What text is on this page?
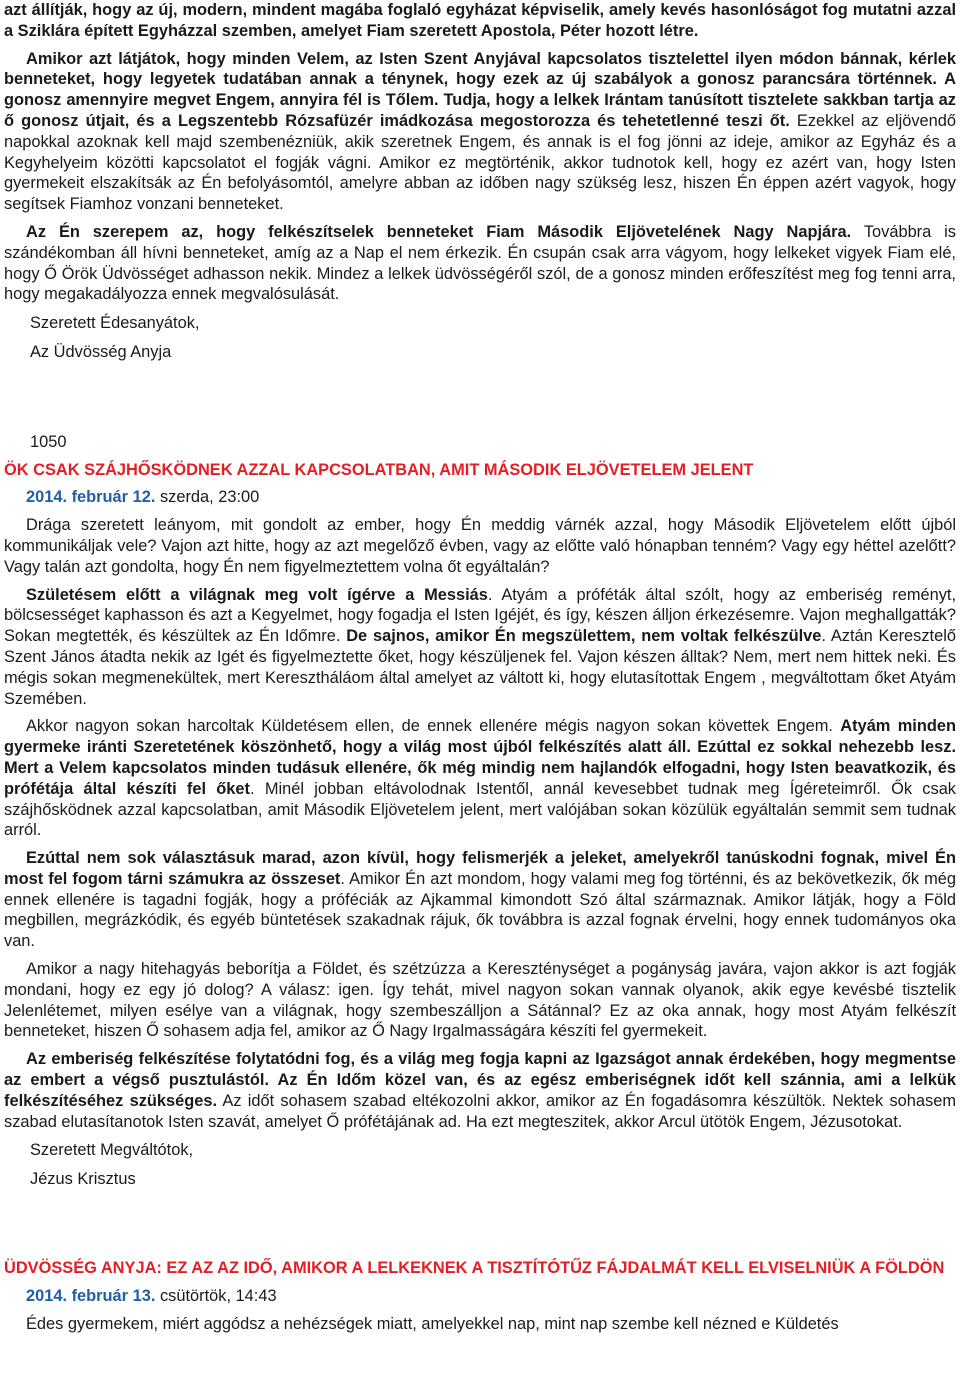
azt állítják, hogy az új, modern, mindent magába foglaló egyházat képviselik, amely kevés hasonlóságot fog mutatni azzal a Sziklára épített Egyházzal szemben, amelyet Fiam szeretett Apostola, Péter hozott létre.

Amikor azt látjátok, hogy minden Velem, az Isten Szent Anyjával kapcsolatos tisztelettel ilyen módon bánnak, kérlek benneteket, hogy legyetek tudatában annak a ténynek, hogy ezek az új szabályok a gonosz parancsára történnek. A gonosz amennyire megvet Engem, annyira fél is Tőlem. Tudja, hogy a lelkek Irántam tanúsított tisztelete sakkban tartja az ő gonosz útjait, és a Legszentebb Rózsafüzér imádkozása megostorozza és tehetetlenné teszi őt. Ezekkel az eljövendő napokkal azoknak kell majd szembenézniük, akik szeretnek Engem, és annak is el fog jönni az ideje, amikor az Egyház és a Kegyhelyeim közötti kapcsolatot el fogják vágni. Amikor ez megtörténik, akkor tudnotok kell, hogy ez azért van, hogy Isten gyermekeit elszakítsák az Én befolyásomtól, amelyre abban az időben nagy szükség lesz, hiszen Én éppen azért vagyok, hogy segítsek Fiamhoz vonzani benneteket.

Az Én szerepem az, hogy felkészítselek benneteket Fiam Második Eljövetelének Nagy Napjára. Továbbra is szándékomban áll hívni benneteket, amíg az a Nap el nem érkezik. Én csupán csak arra vágyom, hogy lelkeket vigyek Fiam elé, hogy Ő Örök Üdvösséget adhasson nekik. Mindez a lelkek üdvösségéről szól, de a gonosz minden erőfeszítést meg fog tenni arra, hogy megakadályozza ennek megvalósulását.

Szeretett Édesanyátok,

Az Üdvösség Anyja

1050

ÖK CSAK SZÁJHŐSKÖDNEK AZZAL KAPCSOLATBAN, AMIT MÁSODIK ELJÖVETELEM JELENT

2014. február 12. szerda, 23:00

Drága szeretett leányom, mit gondolt az ember, hogy Én meddig várnék azzal, hogy Második Eljövetelem előtt újból kommunikáljak vele? Vajon azt hitte, hogy az azt megelőző évben, vagy az előtte való hónapban tenném? Vagy egy héttel azelőtt? Vagy talán azt gondolta, hogy Én nem figyelmeztettem volna őt egyáltalán?

Születésem előtt a világnak meg volt ígérve a Messiás. Atyám a próféták által szólt, hogy az emberiség reményt, bölcsességet kaphasson és azt a Kegyelmet, hogy fogadja el Isten Igéjét, és így, készen álljon érkezésemre. Vajon meghallgatták? Sokan megtették, és készültek az Én Időmre. De sajnos, amikor Én megszülettem, nem voltak felkészülve. Aztán Keresztelő Szent János átadta nekik az Igét és figyelmeztette őket, hogy készüljenek fel. Vajon készen álltak? Nem, mert nem hittek neki. És mégis sokan megmenekültek, mert Keresztháláom által amelyet az váltott ki, hogy elutasítottak Engem , megváltottam őket Atyám Szemében.

Akkor nagyon sokan harcoltak Küldetésem ellen, de ennek ellenére mégis nagyon sokan követtek Engem. Atyám minden gyermeke iránti Szeretetének köszönhető, hogy a világ most újból felkészítés alatt áll. Ezúttal ez sokkal nehezebb lesz. Mert a Velem kapcsolatos minden tudásuk ellenére, ők még mindig nem hajlandók elfogadni, hogy Isten beavatkozik, és prófétája által készíti fel őket. Minél jobban eltávolodnak Istentől, annál kevesebbet tudnak meg Ígéreteimről. Ők csak szájhősködnek azzal kapcsolatban, amit Második Eljövetelem jelent, mert valójában sokan közülük egyáltalán semmit sem tudnak arról.

Ezúttal nem sok választásuk marad, azon kívül, hogy felismerjék a jeleket, amelyekről tanúskodni fognak, mivel Én most fel fogom tárni számukra az összeset. Amikor Én azt mondom, hogy valami meg fog történni, és az bekövetkezik, ők még ennek ellenére is tagadni fogják, hogy a próféciák az Ajkammal kimondott Szó által származnak. Amikor látják, hogy a Föld megbillen, megrázkódik, és egyéb büntetések szakadnak rájuk, ők továbbra is azzal fognak érvelni, hogy ennek tudományos oka van.

Amikor a nagy hitehagyás beborítja a Földet, és szétzúzza a Kereszténységet a pogányság javára, vajon akkor is azt fogják mondani, hogy ez egy jó dolog? A válasz: igen. Így tehát, mivel nagyon sokan vannak olyanok, akik egye kevésbé tisztelik Jelenlétemet, milyen esélye van a világnak, hogy szembeszálljon a Sátánnal? Ez az oka annak, hogy most Atyám felkészít benneteket, hiszen Ő sohasem adja fel, amikor az Ő Nagy Irgalmasságára készíti fel gyermekeit.

Az emberiség felkészítése folytatódni fog, és a világ meg fogja kapni az Igazságot annak érdekében, hogy megmentse az embert a végső pusztulástól. Az Én Időm közel van, és az egész emberiségnek időt kell szánnia, ami a lelkük felkészítéséhez szükséges. Az időt sohasem szabad eltékozolni akkor, amikor az Én fogadásomra készültök. Nektek sohasem szabad elutasítanotok Isten szavát, amelyet Ő prófétájának ad. Ha ezt megteszitek, akkor Arcul ütötök Engem, Jézusotokat.

Szeretett Megváltótok,

Jézus Krisztus

ÜDVÖSSÉG ANYJA: EZ AZ AZ IDŐ, AMIKOR A LELKEKNEK A TISZTÍTÓTŰZ FÁJDALMÁT KELL ELVISELNIÜK A FÖLDÖN

2014. február 13. csütörtök, 14:43

Édes gyermekem, miért aggódsz a nehézségek miatt, amelyekkel nap, mint nap szembe kell nézned e Küldetés
